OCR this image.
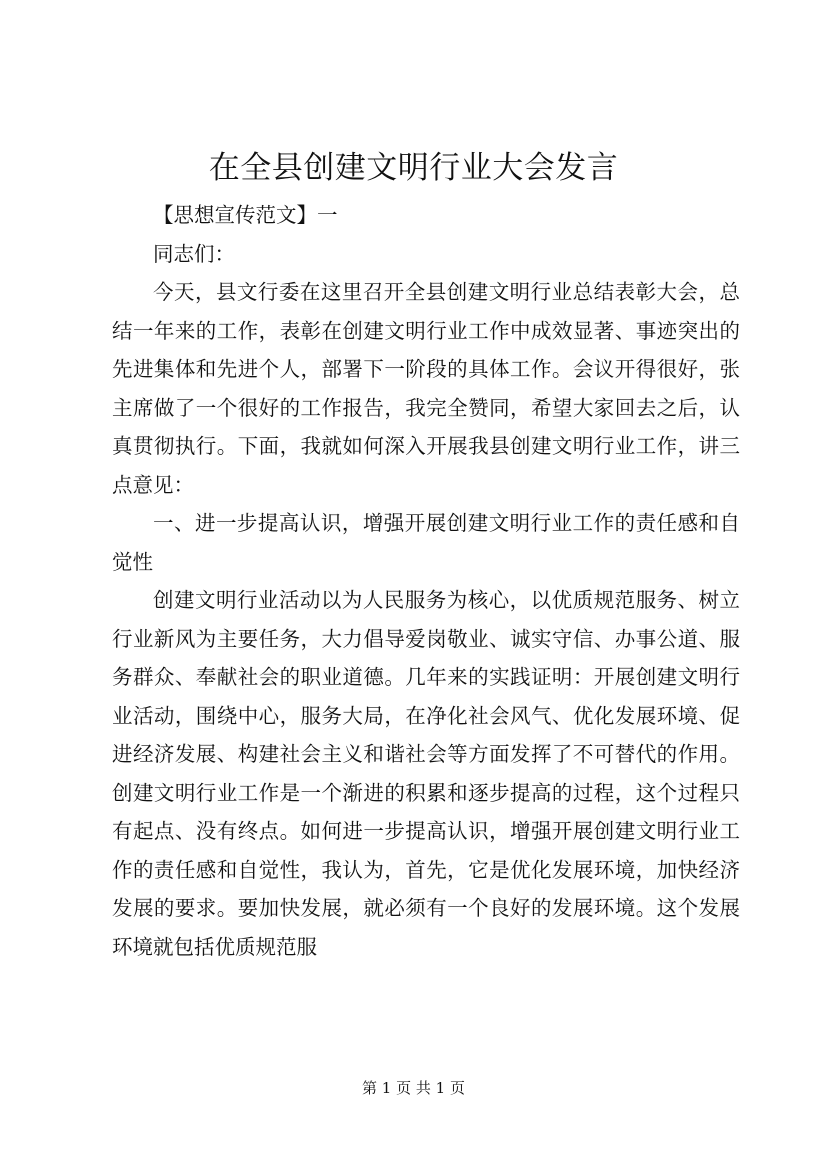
在全县创建文明行业大会发言

【思想宣传范文】一

同志们：

今天，县文行委在这里召开全县创建文明行业总结表彰大会，总结一年来的工作，表彰在创建文明行业工作中成效显著、事迹突出的先进集体和先进个人，部署下一阶段的具体工作。会议开得很好，张主席做了一个很好的工作报告，我完全赞同，希望大家回去之后，认真贯彻执行。下面，我就如何深入开展我县创建文明行业工作，讲三点意见：

一、进一步提高认识，增强开展创建文明行业工作的责任感和自觉性

创建文明行业活动以为人民服务为核心，以优质规范服务、树立行业新风为主要任务，大力倡导爱岗敬业、诚实守信、办事公道、服务群众、奉献社会的职业道德。几年来的实践证明：开展创建文明行业活动，围绕中心，服务大局，在净化社会风气、优化发展环境、促进经济发展、构建社会主义和谐社会等方面发挥了不可替代的作用。创建文明行业工作是一个渐进的积累和逐步提高的过程，这个过程只有起点、没有终点。如何进一步提高认识，增强开展创建文明行业工作的责任感和自觉性，我认为，首先，它是优化发展环境，加快经济发展的要求。要加快发展，就必须有一个良好的发展环境。这个发展环境就包括优质规范服

第 1 页 共 1 页
